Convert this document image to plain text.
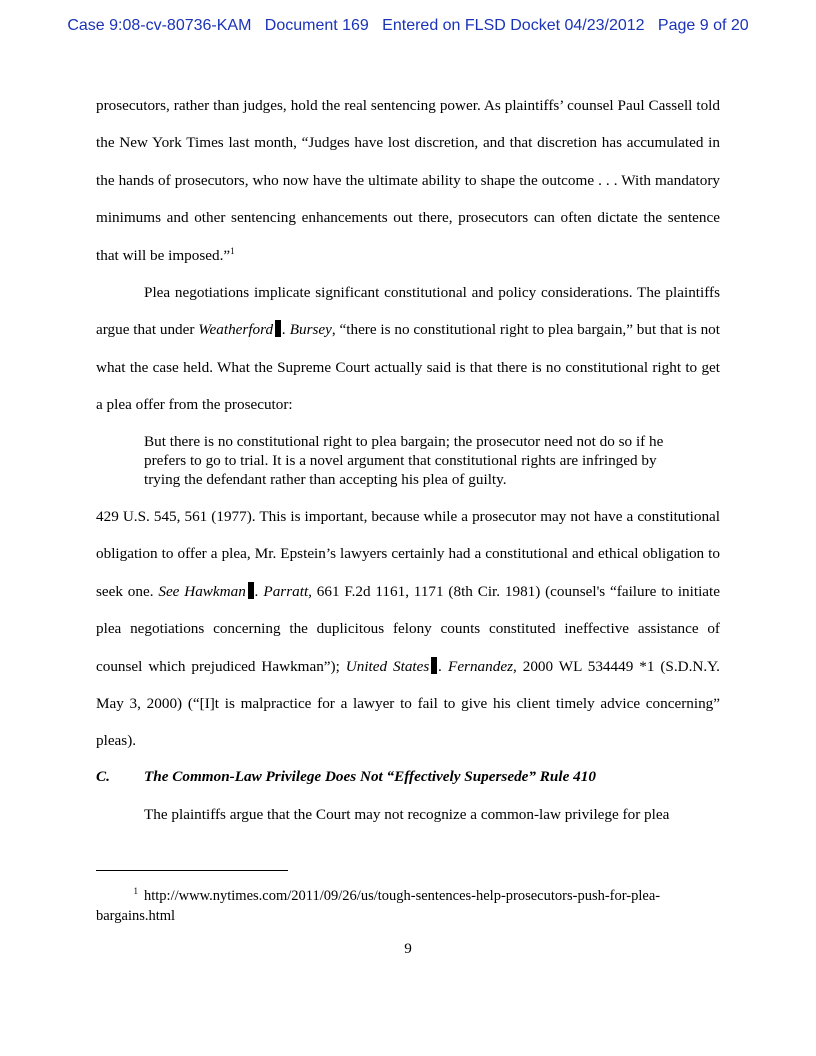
Case 9:08-cv-80736-KAM Document 169 Entered on FLSD Docket 04/23/2012 Page 9 of 20
prosecutors, rather than judges, hold the real sentencing power. As plaintiffs’ counsel Paul Cassell told the New York Times last month, “Judges have lost discretion, and that discretion has accumulated in the hands of prosecutors, who now have the ultimate ability to shape the outcome . . . With mandatory minimums and other sentencing enhancements out there, prosecutors can often dictate the sentence that will be imposed.”$^1$
Plea negotiations implicate significant constitutional and policy considerations. The plaintiffs argue that under Weatherford . Bursey, “there is no constitutional right to plea bargain,” but that is not what the case held. What the Supreme Court actually said is that there is no constitutional right to get a plea offer from the prosecutor:
But there is no constitutional right to plea bargain; the prosecutor need not do so if he prefers to go to trial. It is a novel argument that constitutional rights are infringed by trying the defendant rather than accepting his plea of guilty.
429 U.S. 545, 561 (1977). This is important, because while a prosecutor may not have a constitutional obligation to offer a plea, Mr. Epstein’s lawyers certainly had a constitutional and ethical obligation to seek one. See Hawkman . Parratt, 661 F.2d 1161, 1171 (8th Cir. 1981) (counsel's “failure to initiate plea negotiations concerning the duplicitous felony counts constituted ineffective assistance of counsel which prejudiced Hawkman”); United States . Fernandez, 2000 WL 534449 *1 (S.D.N.Y. May 3, 2000) (“[I]t is malpractice for a lawyer to fail to give his client timely advice concerning” pleas).
C. The Common-Law Privilege Does Not “Effectively Supersede” Rule 410
The plaintiffs argue that the Court may not recognize a common-law privilege for plea
$^1$ http://www.nytimes.com/2011/09/26/us/tough-sentences-help-prosecutors-push-for-plea-bargains.html
9
